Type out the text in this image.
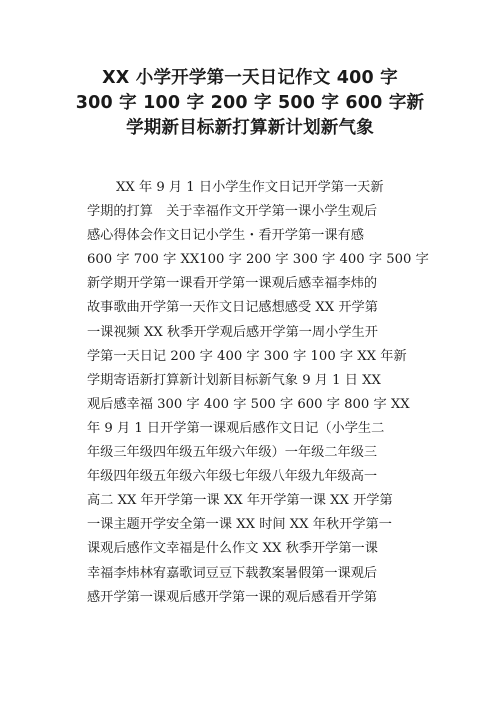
XX 小学开学第一天日记作文 400 字
300 字 100 字 200 字 500 字 600 字新
学期新目标新打算新计划新气象
XX 年 9 月 1 日小学生作文日记开学第一天新
学期的打算　关于幸福作文开学第一课小学生观后
感心得体会作文日记小学生・看开学第一课有感
600 字 700 字 XX100 字 200 字 300 字 400 字 500 字
新学期开学第一课看开学第一课观后感幸福李炜的
故事歌曲开学第一天作文日记感想感受 XX 开学第
一课视频 XX 秋季开学观后感开学第一周小学生开
学第一天日记 200 字 400 字 300 字 100 字 XX 年新
学期寄语新打算新计划新目标新气象 9 月 1 日 XX
观后感幸福 300 字 400 字 500 字 600 字 800 字 XX
年 9 月 1 日开学第一课观后感作文日记（小学生二
年级三年级四年级五年级六年级）一年级二年级三
年级四年级五年级六年级七年级八年级九年级高一
高二 XX 年开学第一课 XX 年开学第一课 XX 开学第
一课主题开学安全第一课 XX 时间 XX 年秋开学第一
课观后感作文幸福是什么作文 XX 秋季开学第一课
幸福李炜林宥嘉歌词豆豆下载教案暑假第一课观后
感开学第一课观后感开学第一课的观后感看开学第
